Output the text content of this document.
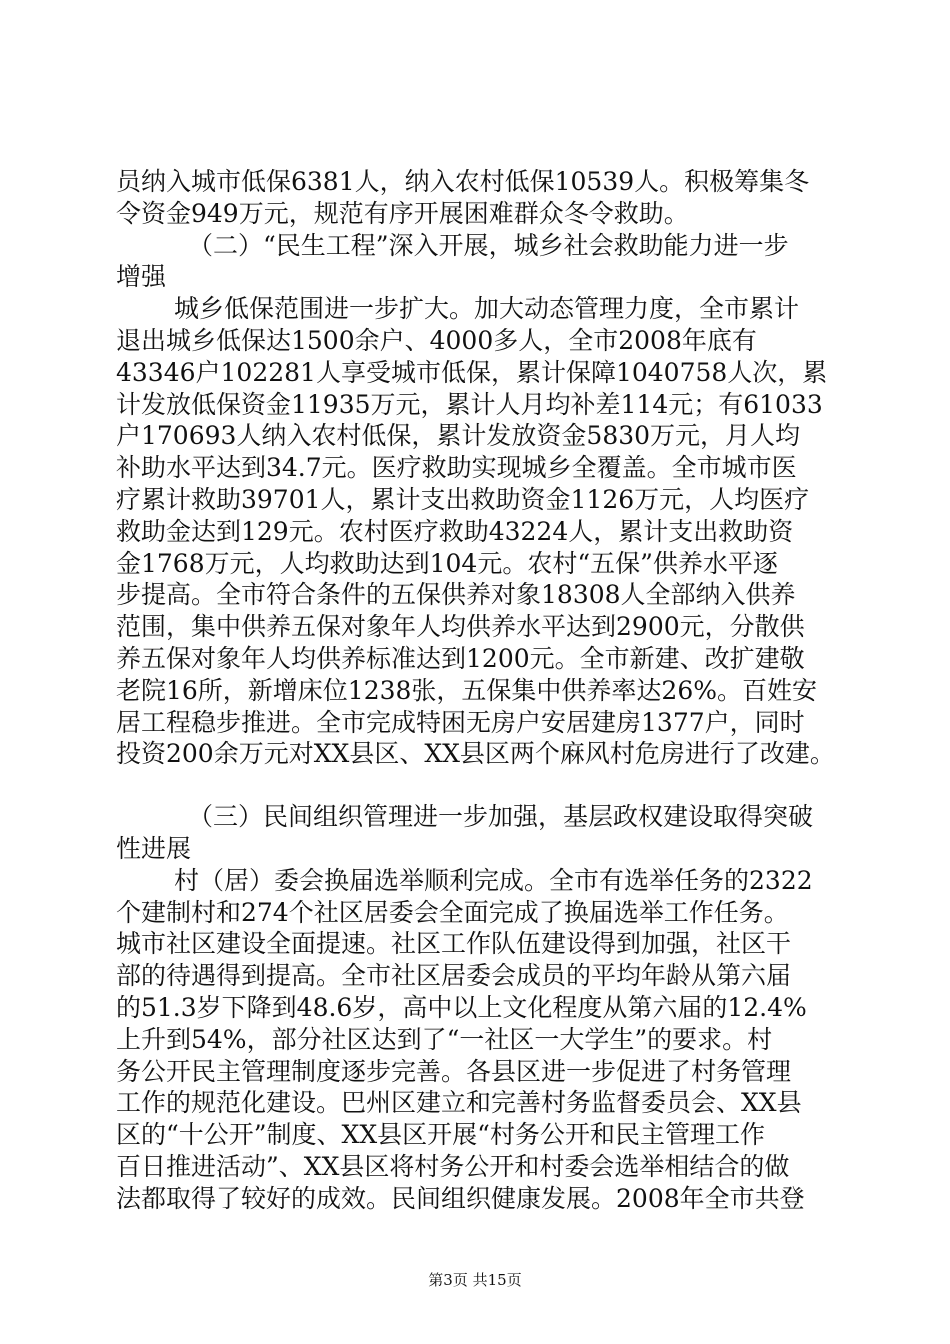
员纳入城市低保6381人，纳入农村低保10539人。积极筹集冬
令资金949万元，规范有序开展困难群众冬令救助。
（二）“民生工程”深入开展，城乡社会救助能力进一步
增强
城乡低保范围进一步扩大。加大动态管理力度，全市累计
退出城乡低保达1500余户、4000多人，全市2008年底有
43346户102281人享受城市低保，累计保障1040758人次，累
计发放低保资金11935万元，累计人月均补差114元；有61033
户170693人纳入农村低保，累计发放资金5830万元，月人均
补助水平达到34.7元。医疗救助实现城乡全覆盖。全市城市医
疗累计救助39701人，累计支出救助资金1126万元，人均医疗
救助金达到129元。农村医疗救助43224人，累计支出救助资
金1768万元，人均救助达到104元。农村“五保”供养水平逐
步提高。全市符合条件的五保供养对象18308人全部纳入供养
范围，集中供养五保对象年人均供养水平达到2900元，分散供
养五保对象年人均供养标准达到1200元。全市新建、改扩建敬
老院16所，新增床位1238张，五保集中供养率达26%。百姓安
居工程稳步推进。全市完成特困无房户安居建房1377户，同时
投资200余万元对XX县区、XX县区两个麻风村危房进行了改建。
（三）民间组织管理进一步加强，基层政权建设取得突破
性进展
村（居）委会换届选举顺利完成。全市有选举任务的2322
个建制村和274个社区居委会全面完成了换届选举工作任务。
城市社区建设全面提速。社区工作队伍建设得到加强，社区干
部的待遇得到提高。全市社区居委会成员的平均年龄从第六届
的51.3岁下降到48.6岁，高中以上文化程度从第六届的12.4%
上升到54%，部分社区达到了“一社区一大学生”的要求。村
务公开民主管理制度逐步完善。各县区进一步促进了村务管理
工作的规范化建设。巴州区建立和完善村务监督委员会、XX县
区的“十公开”制度、XX县区开展“村务公开和民主管理工作
百日推进活动”、XX县区将村务公开和村委会选举相结合的做
法都取得了较好的成效。民间组织健康发展。2008年全市共登
第3页 共15页
